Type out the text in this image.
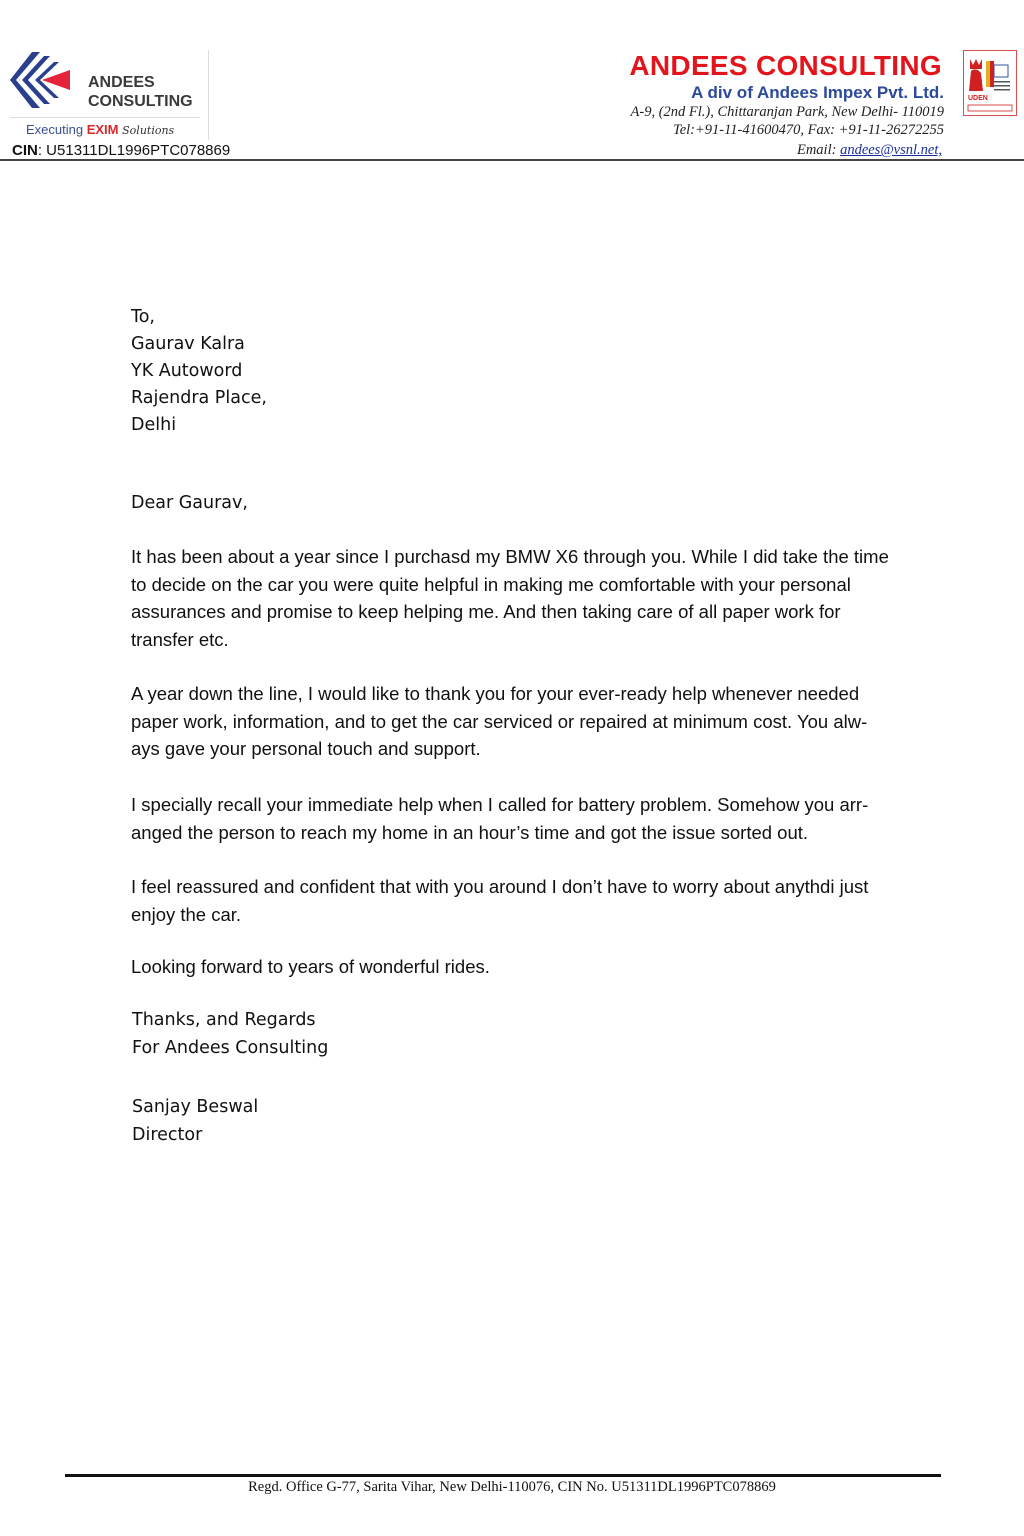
ANDEES
CONSULTING
Executing EXIM Solutions
CIN: U51311DL1996PTC078869
ANDEES CONSULTING
A div of Andees Impex Pvt. Ltd.
A-9, (2nd Fl.), Chittaranjan Park, New Delhi- 110019
Tel:+91-11-41600470, Fax: +91-11-26272255
Email: andees@vsnl.net,
UDEN
To,
Gaurav Kalra
YK Autoword
Rajendra Place,
Delhi
Dear Gaurav,
It has been about a year since I purchasd my BMW X6 through you. While I did take the time
to decide on the car you were quite helpful in making me comfortable with your personal
assurances and promise to keep helping me. And then taking care of all paper work for
transfer etc.
A year down the line, I would like to thank you for your ever-ready help whenever needed
paper work, information, and to get the car serviced or repaired at minimum cost. You alw-
ays gave your personal touch and support.
I specially recall your immediate help when I called for battery problem. Somehow you arr-
anged the person to reach my home in an hour’s time and got the issue sorted out.
I feel reassured and confident that with you around I don’t have to worry about anythdi just
enjoy the car.
Looking forward to years of wonderful rides.
Thanks, and Regards
For Andees Consulting
Sanjay Beswal
Director
Regd. Office G-77, Sarita Vihar, New Delhi-110076, CIN No. U51311DL1996PTC078869
